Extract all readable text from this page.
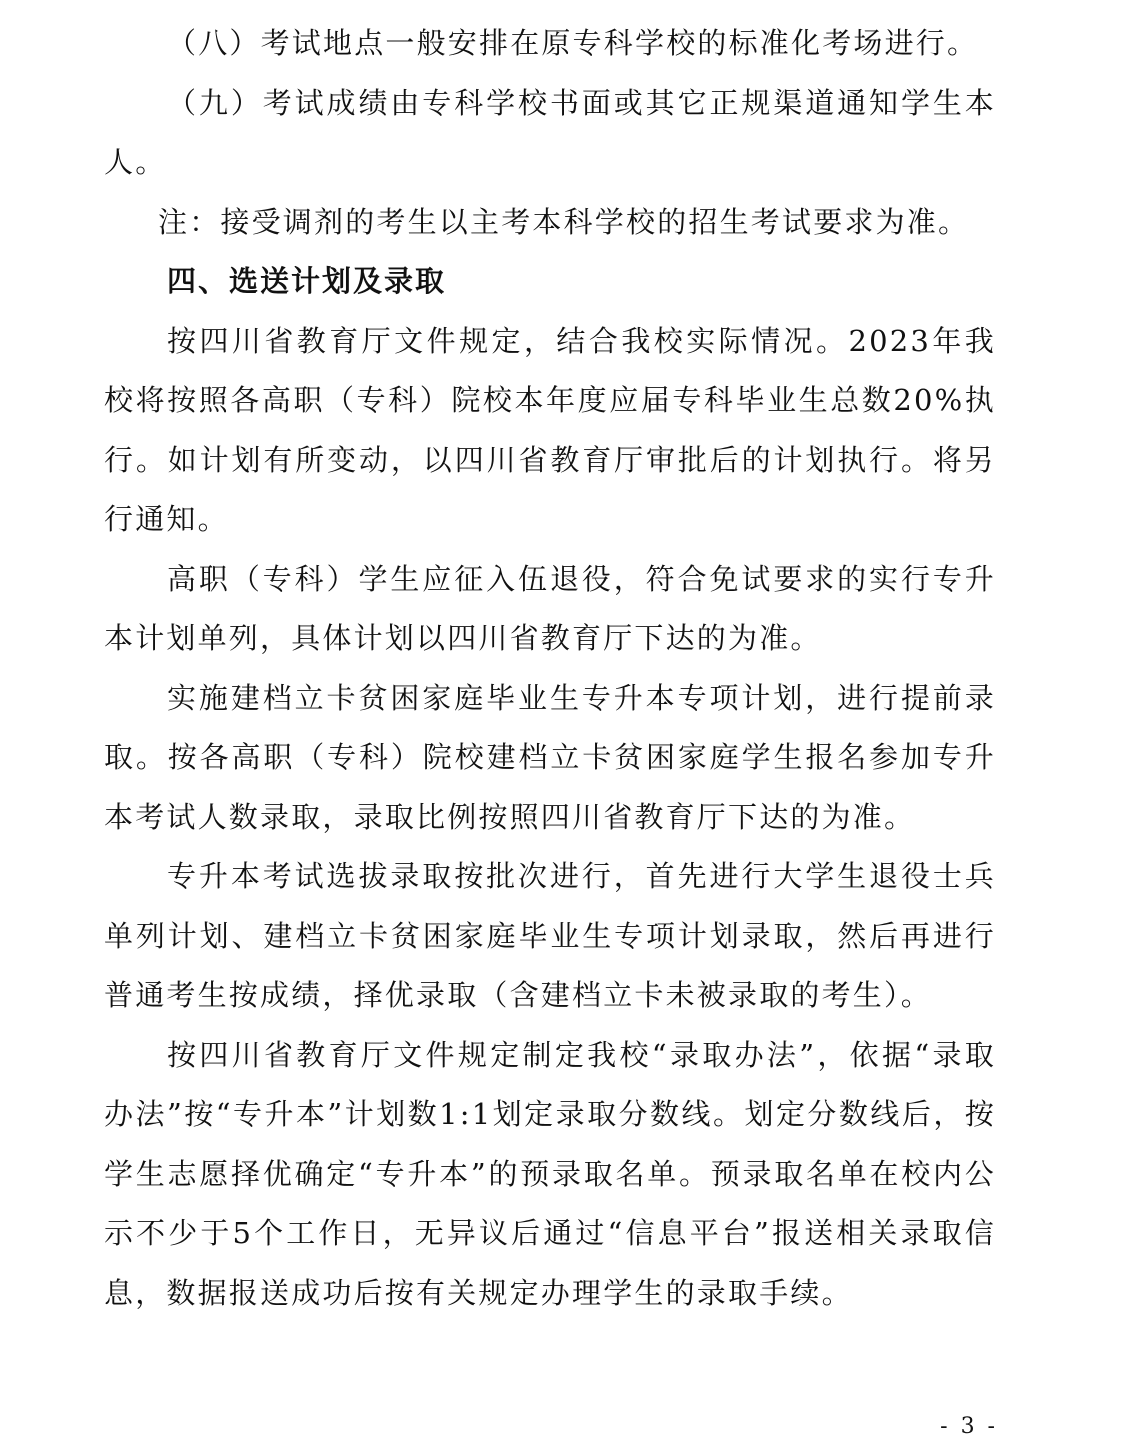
（八）考试地点一般安排在原专科学校的标准化考场进行。

（九）考试成绩由专科学校书面或其它正规渠道通知学生本人。

注：接受调剂的考生以主考本科学校的招生考试要求为准。

四、选送计划及录取

按四川省教育厅文件规定，结合我校实际情况。2023年我校将按照各高职（专科）院校本年度应届专科毕业生总数20%执行。如计划有所变动，以四川省教育厅审批后的计划执行。将另行通知。

高职（专科）学生应征入伍退役，符合免试要求的实行专升本计划单列，具体计划以四川省教育厅下达的为准。

实施建档立卡贫困家庭毕业生专升本专项计划，进行提前录取。按各高职（专科）院校建档立卡贫困家庭学生报名参加专升本考试人数录取，录取比例按照四川省教育厅下达的为准。

专升本考试选拔录取按批次进行，首先进行大学生退役士兵单列计划、建档立卡贫困家庭毕业生专项计划录取，然后再进行普通考生按成绩，择优录取（含建档立卡未被录取的考生）。

按四川省教育厅文件规定制定我校“录取办法”，依据“录取办法”按“专升本”计划数1:1划定录取分数线。划定分数线后，按学生志愿择优确定“专升本”的预录取名单。预录取名单在校内公示不少于5个工作日，无异议后通过“信息平台”报送相关录取信息，数据报送成功后按有关规定办理学生的录取手续。

- 3 -
